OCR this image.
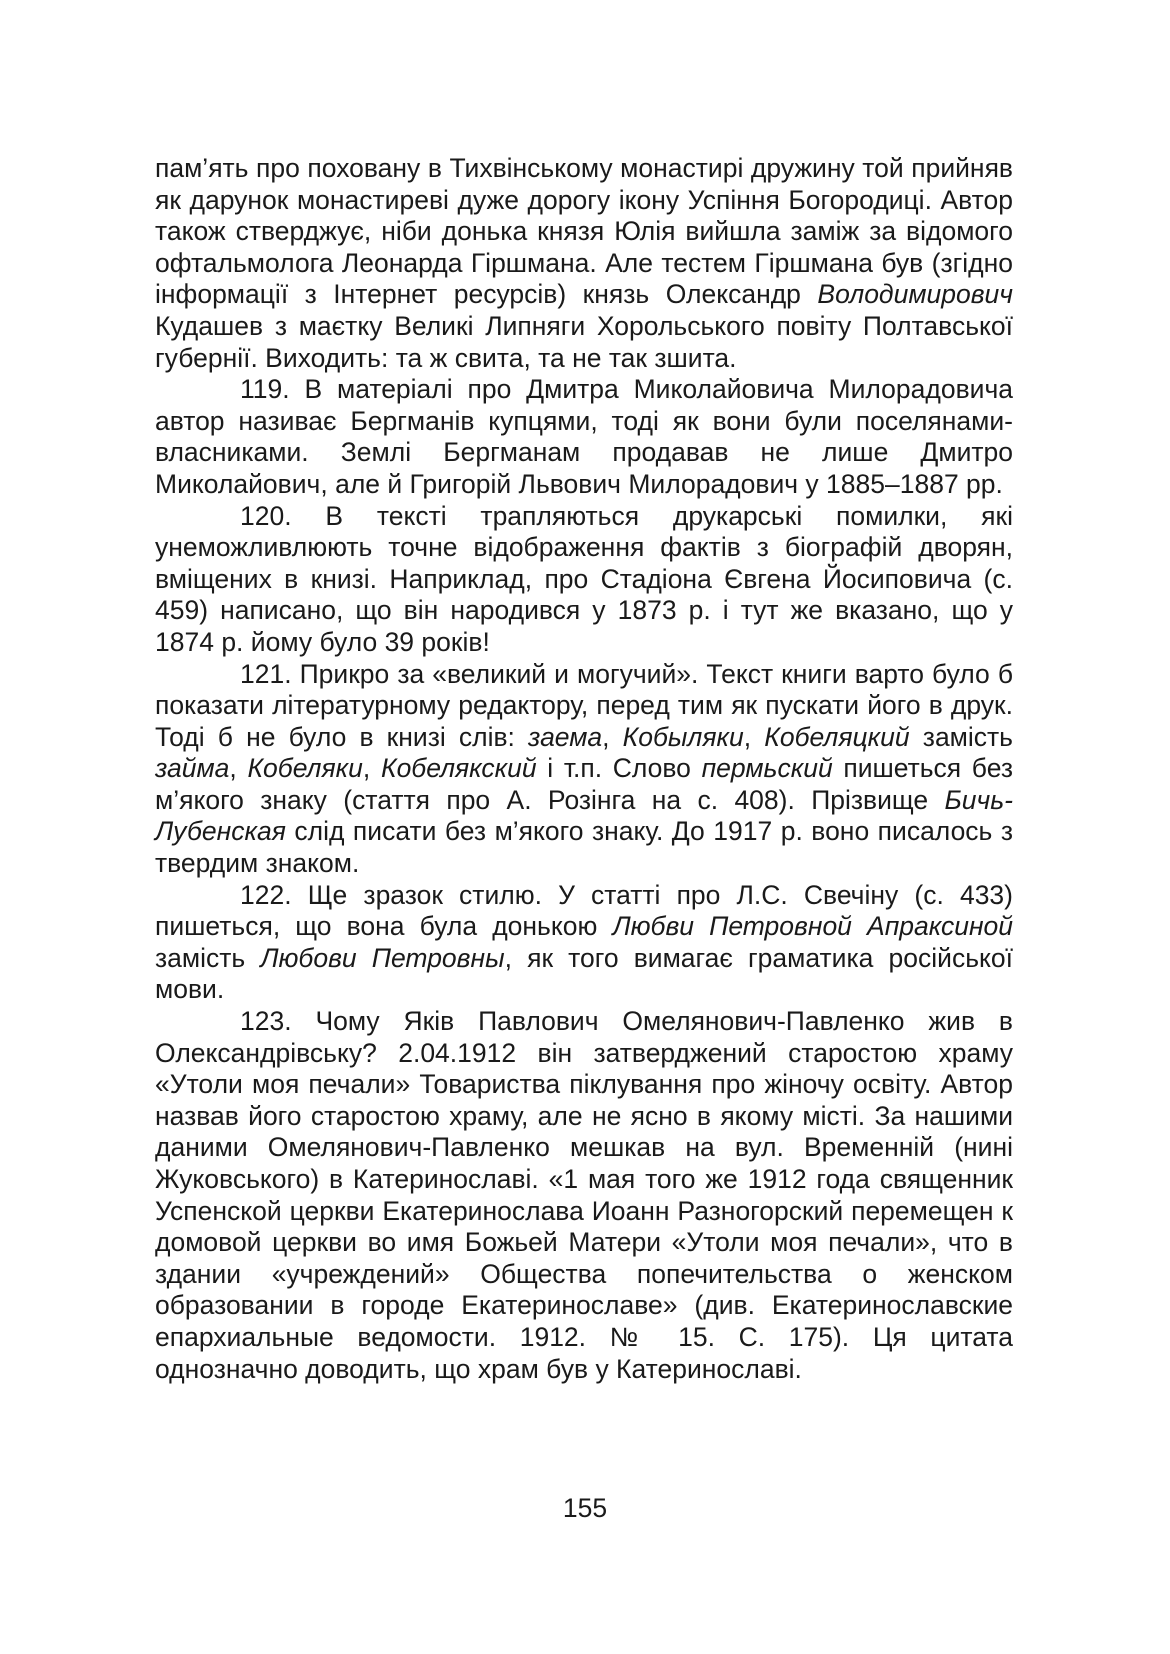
пам’ять про поховану в Тихвінському монастирі дружину той прийняв як дарунок монастиреві дуже дорогу ікону Успіння Богородиці. Автор також стверджує, ніби донька князя Юлія вийшла заміж за відомого офтальмолога Леонарда Гіршмана. Але тестем Гіршмана був (згідно інформації з Інтернет ресурсів) князь Олександр Володимирович Кудашев з маєтку Великі Липняги Хорольського повіту Полтавської губернії. Виходить: та ж свита, та не так зшита.

119. В матеріалі про Дмитра Миколайовича Милорадовича автор називає Бергманів купцями, тоді як вони були поселянами-власниками. Землі Бергманам продавав не лише Дмитро Миколайович, але й Григорій Львович Милорадович у 1885–1887 рр.

120. В тексті трапляються друкарські помилки, які унеможливлюють точне відображення фактів з біографій дворян, вміщених в книзі. Наприклад, про Стадіона Євгена Йосиповича (с. 459) написано, що він народився у 1873 р. і тут же вказано, що у 1874 р. йому було 39 років!

121. Прикро за «великий и могучий». Текст книги варто було б показати літературному редактору, перед тим як пускати його в друк. Тоді б не було в книзі слів: заема, Кобыляки, Кобеляцкий замість займа, Кобеляки, Кобелякский і т.п. Слово пермьский пишеться без м’якого знаку (стаття про А. Розінга на с. 408). Прізвище Бичь-Лубенская слід писати без м’якого знаку. До 1917 р. воно писалось з твердим знаком.

122. Ще зразок стилю. У статті про Л.С. Свечіну (с. 433) пишеться, що вона була донькою Любви Петровной Апраксиной замість Любови Петровны, як того вимагає граматика російської мови.

123. Чому Яків Павлович Омелянович-Павленко жив в Олександрівську? 2.04.1912 він затверджений старостою храму «Утоли моя печали» Товариства піклування про жіночу освіту. Автор назвав його старостою храму, але не ясно в якому місті. За нашими даними Омелянович-Павленко мешкав на вул. Временній (нині Жуковського) в Катеринославі. «1 мая того же 1912 года священник Успенской церкви Екатеринослава Иоанн Разногорский перемещен к домовой церкви во имя Божьей Матери «Утоли моя печали», что в здании «учреждений» Общества попечительства о женском образовании в городе Екатеринославе» (див. Екатеринославские епархиальные ведомости. 1912. № 15. С. 175). Ця цитата однозначно доводить, що храм був у Катеринославі.

155
